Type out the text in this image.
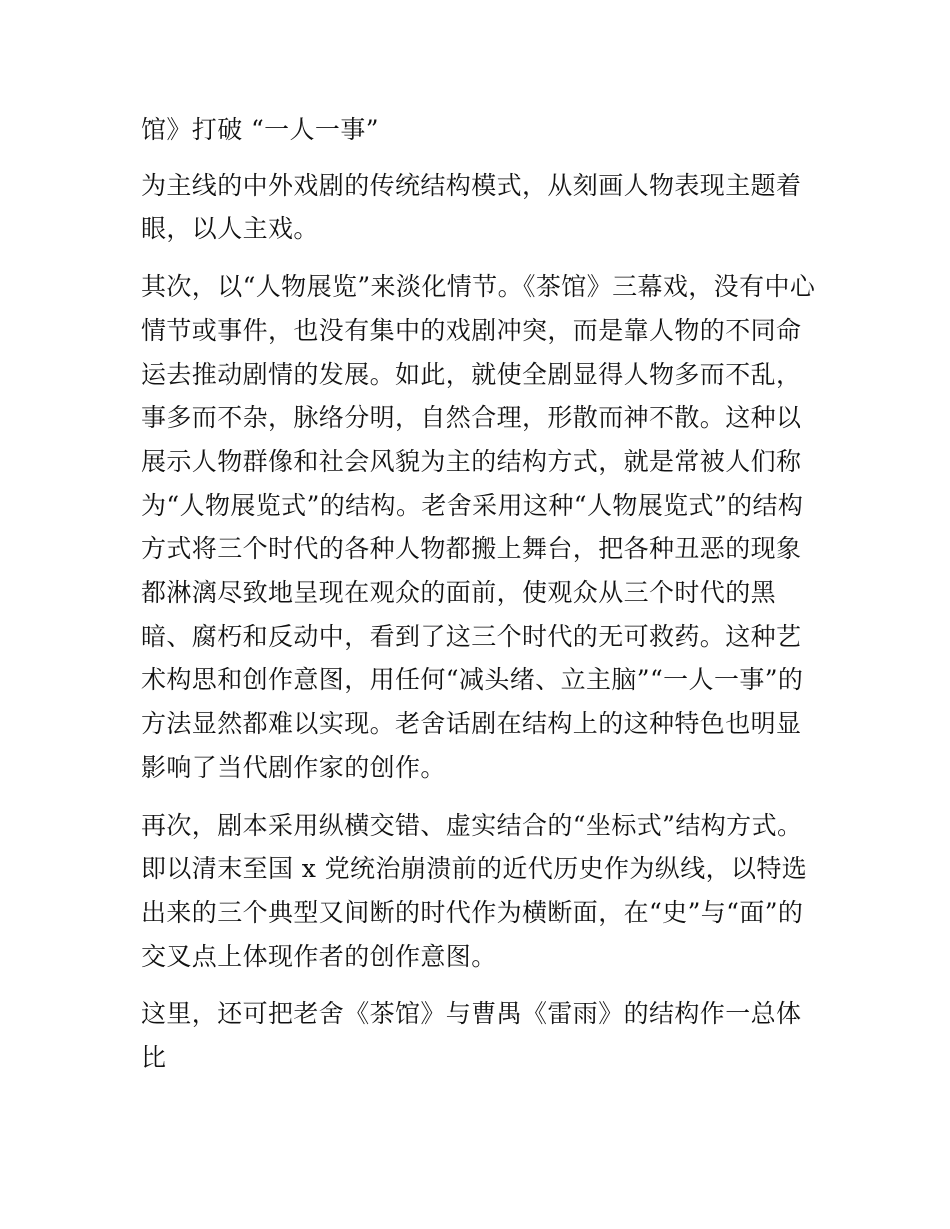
馆》打破 “一人一事”

为主线的中外戏剧的传统结构模式，从刻画人物表现主题着眼，以人主戏。

其次，以“人物展览”来淡化情节。《茶馆》三幕戏，没有中心情节或事件，也没有集中的戏剧冲突，而是靠人物的不同命运去推动剧情的发展。如此，就使全剧显得人物多而不乱，事多而不杂，脉络分明，自然合理，形散而神不散。这种以展示人物群像和社会风貌为主的结构方式，就是常被人们称为“人物展览式”的结构。老舍采用这种“人物展览式”的结构方式将三个时代的各种人物都搬上舞台，把各种丑恶的现象都淋漓尽致地呈现在观众的面前，使观众从三个时代的黑暗、腐朽和反动中，看到了这三个时代的无可救药。这种艺术构思和创作意图，用任何“减头绪、立主脑”“一人一事”的方法显然都难以实现。老舍话剧在结构上的这种特色也明显影响了当代剧作家的创作。

再次，剧本采用纵横交错、虚实结合的“坐标式”结构方式。即以清末至国 x 党统治崩溃前的近代历史作为纵线，以特选出来的三个典型又间断的时代作为横断面，在“史”与“面”的交叉点上体现作者的创作意图。

这里，还可把老舍《茶馆》与曹禺《雷雨》的结构作一总体比
